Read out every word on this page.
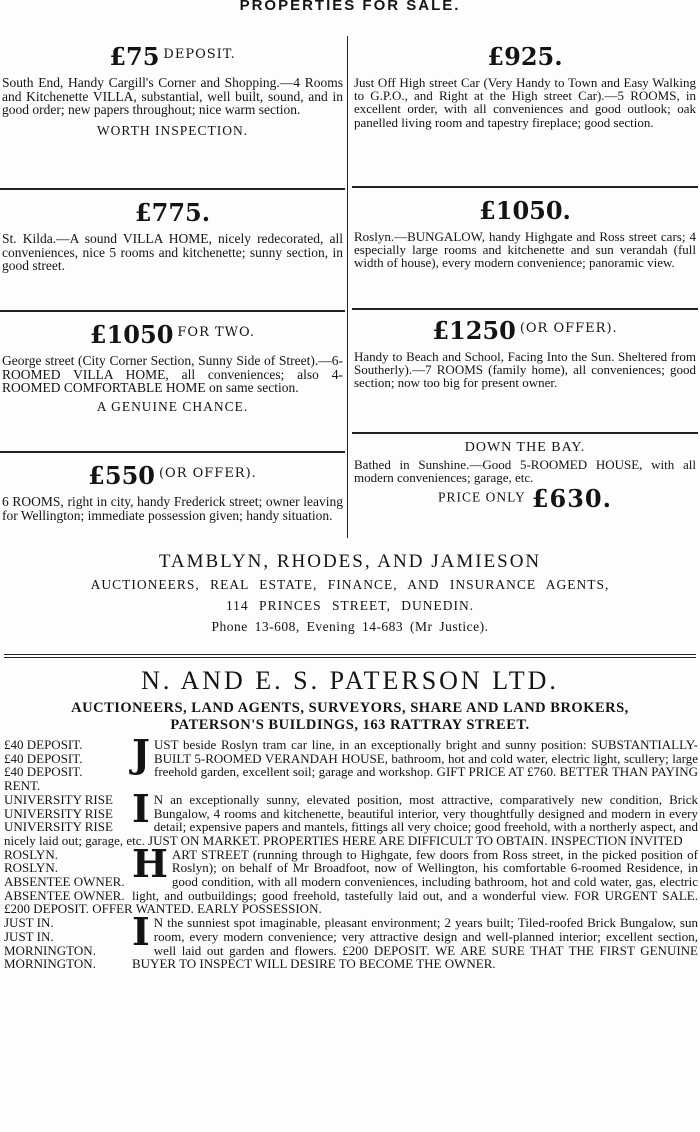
PROPERTIES FOR SALE.
£75 $^{DEPOSIT.}$
South End, Handy Cargill's Corner and Shopping.—4 Rooms and Kitchenette VILLA, substantial, well built, sound, and in good order; new papers throughout; nice warm section.
WORTH INSPECTION.
£775.
St. Kilda.—A sound VILLA HOME, nicely redecorated, all conveniences, nice 5 rooms and kitchenette; sunny section, in good street.
£1050 $^{FOR TWO.}$
George street (City Corner Section, Sunny Side of Street).—6-ROOMED VILLA HOME, all conveniences; also 4-ROOMED COMFORTABLE HOME on same section.
A GENUINE CHANCE.
£550 $^{(OR OFFER).}$
6 ROOMS, right in city, handy Frederick street; owner leaving for Wellington; immediate possession given; handy situation.
£925.
Just Off High street Car (Very Handy to Town and Easy Walking to G.P.O., and Right at the High street Car).—5 ROOMS, in excellent order, with all conveniences and good outlook; oak panelled living room and tapestry fireplace; good section.
£1050.
Roslyn.—BUNGALOW, handy Highgate and Ross street cars; 4 especially large rooms and kitchenette and sun verandah (full width of house), every modern convenience; panoramic view.
£1250 $^{(OR OFFER).}$
Handy to Beach and School, Facing Into the Sun. Sheltered from Southerly).—7 ROOMS (family home), all conveniences; good section; now too big for present owner.
DOWN THE BAY.
Bathed in Sunshine.—Good 5-ROOMED HOUSE, with all modern conveniences; garage, etc.
PRICE ONLY £630.
TAMBLYN, RHODES, AND JAMIESON
AUCTIONEERS, REAL ESTATE, FINANCE, AND INSURANCE AGENTS,
114 PRINCES STREET, DUNEDIN.
Phone 13-608, Evening 14-683 (Mr Justice).
N. AND E. S. PATERSON LTD.
AUCTIONEERS, LAND AGENTS, SURVEYORS, SHARE AND LAND BROKERS,
PATERSON'S BUILDINGS, 163 RATTRAY STREET.
£40 DEPOSIT.
£40 DEPOSIT.
£40 DEPOSIT.	J UST beside Roslyn tram car line, in an exceptionally bright and sunny position: SUBSTANTIALLY-BUILT 5-ROOMED VERANDAH HOUSE, bathroom, hot and cold water, electric light, scullery; large freehold garden, excellent soil; garage and workshop. GIFT PRICE AT £760. BETTER THAN PAYING RENT.
UNIVERSITY RISE
UNIVERSITY RISE
UNIVERSITY RISE I N an exceptionally sunny, elevated position, most attractive, comparatively new condition, Brick Bungalow, 4 rooms and kitchenette, beautiful interior, very thoughtfully designed and modern in every detail; expensive papers and mantels, fittings all very choice; good freehold, with a northerly aspect, and nicely laid out; garage, etc. JUST ON MARKET. PROPERTIES HERE ARE DIFFICULT TO OBTAIN. INSPECTION INVITED
ROSLYN.
ROSLYN.
ABSENTEE OWNER.
ABSENTEE OWNER.
H ART STREET (running through to Highgate, few doors from Ross street, in the picked position of Roslyn); on behalf of Mr Broadfoot, now of Wellington, his comfortable 6-roomed Residence, in good condition, with all modern conveniences, including bathroom, hot and cold water, gas, electric light, and outbuildings; good freehold, tastefully laid out, and a wonderful view. FOR URGENT SALE. £200 DEPOSIT. OFFER WANTED. EARLY POSSESSION.
JUST IN.
JUST IN.
MORNINGTON.
MORNINGTON.
I N the sunniest spot imaginable, pleasant environment; 2 years built; Tiled-roofed Brick Bungalow, sun room, every modern convenience; very attractive design and well-planned interior; excellent section, well laid out garden and flowers. £200 DEPOSIT. WE ARE SURE THAT THE FIRST GENUINE BUYER TO INSPECT WILL DESIRE TO BECOME THE OWNER.
